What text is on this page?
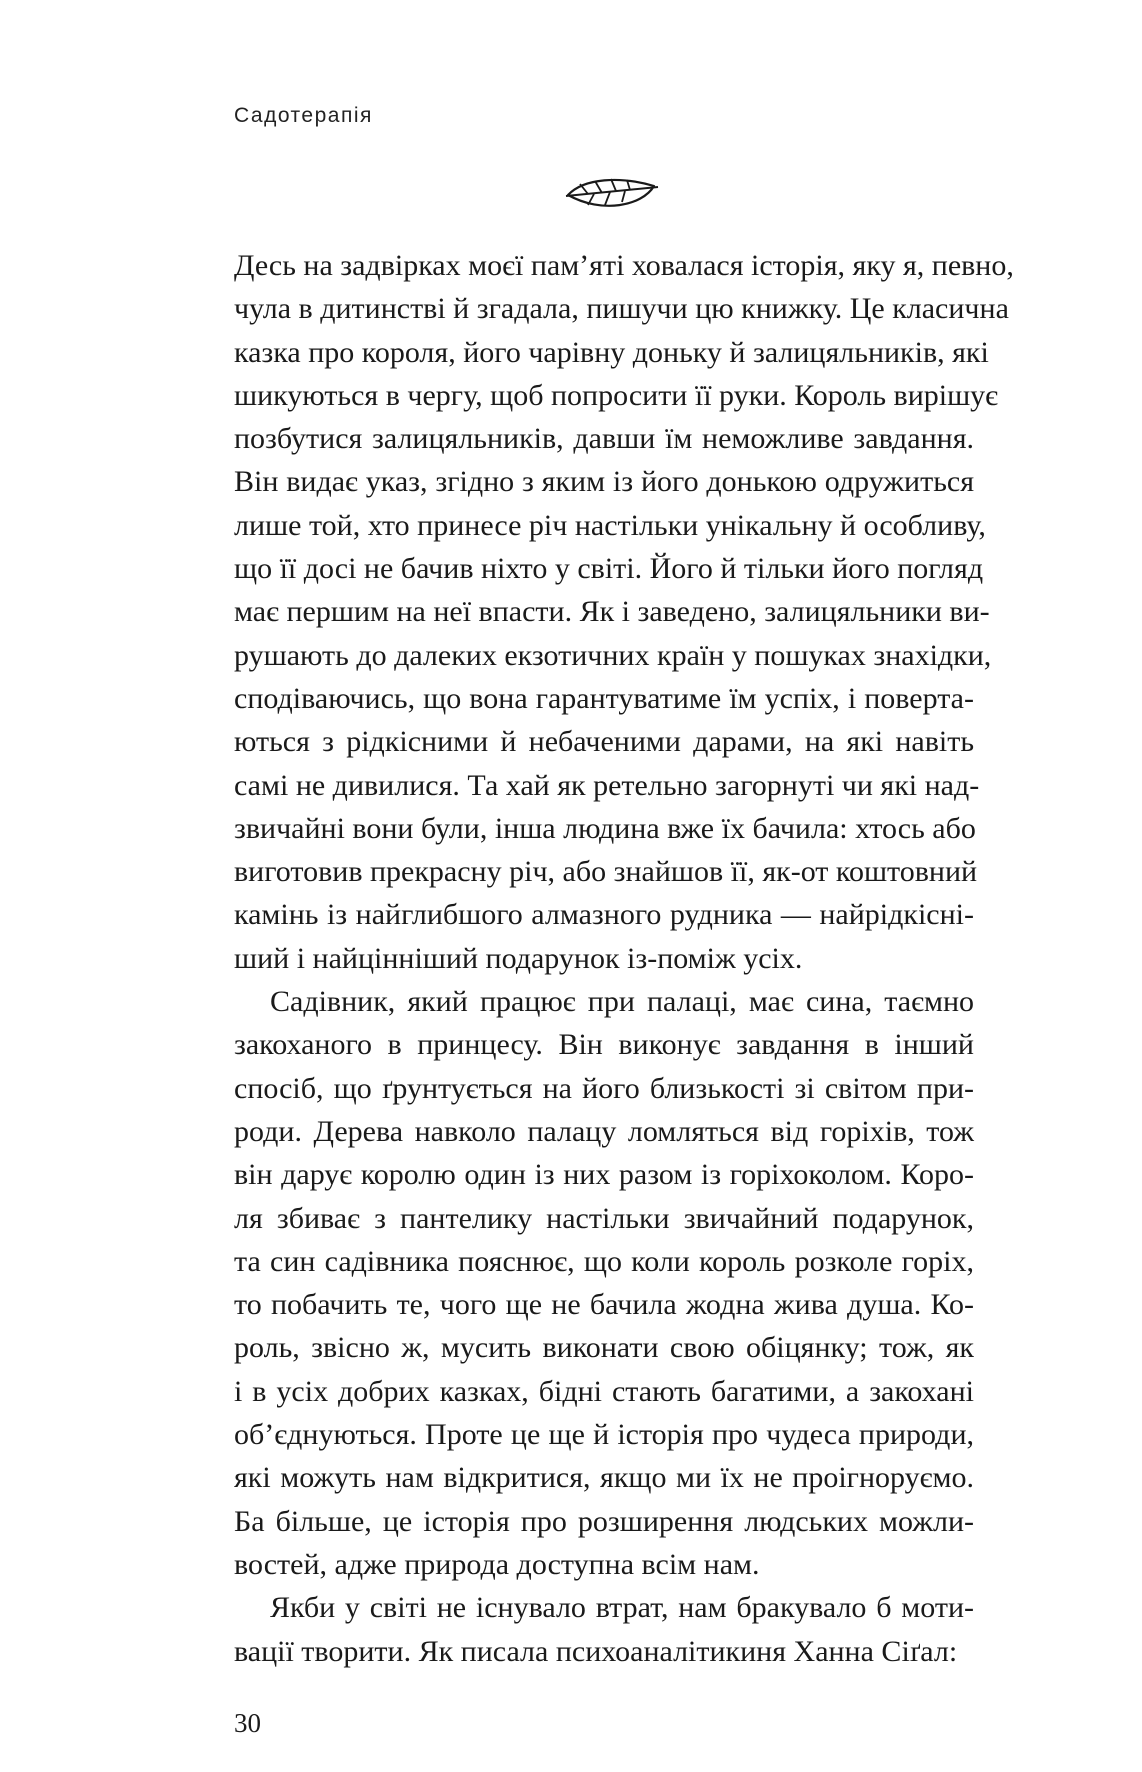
Садотерапія
Десь на задвірках моєї пам’яті ховалася історія, яку я, певно,
чула в дитинстві й згадала, пишучи цю книжку. Це класична
казка про короля, його чарівну доньку й залицяльників, які
шикуються в чергу, щоб попросити її руки. Король вирішує
позбутися залицяльників, давши їм неможливе завдання.
Він видає указ, згідно з яким із його донькою одружиться
лише той, хто принесе річ настільки унікальну й особливу,
що її досі не бачив ніхто у світі. Його й тільки його погляд
має першим на неї впасти. Як і заведено, залицяльники ви-
рушають до далеких екзотичних країн у пошуках знахідки,
сподіваючись, що вона гарантуватиме їм успіх, і поверта-
ються з рідкісними й небаченими дарами, на які навіть
самі не дивилися. Та хай як ретельно загорнуті чи які над-
звичайні вони були, інша людина вже їх бачила: хтось або
виготовив прекрасну річ, або знайшов її, як-от коштовний
камінь із найглибшого алмазного рудника — найрідкісні-
ший і найцінніший подарунок із-поміж усіх.
Садівник, який працює при палаці, має сина, таємно
закоханого в принцесу. Він виконує завдання в інший
спосіб, що ґрунтується на його близькості зі світом при-
роди. Дерева навколо палацу ломляться від горіхів, тож
він дарує королю один із них разом із горіхоколом. Коро-
ля збиває з пантелику настільки звичайний подарунок,
та син садівника пояснює, що коли король розколе горіх,
то побачить те, чого ще не бачила жодна жива душа. Ко-
роль, звісно ж, мусить виконати свою обіцянку; тож, як
і в усіх добрих казках, бідні стають багатими, а закохані
об’єднуються. Проте це ще й історія про чудеса природи,
які можуть нам відкритися, якщо ми їх не проігноруємо.
Ба більше, це історія про розширення людських можли-
востей, адже природа доступна всім нам.
Якби у світі не існувало втрат, нам бракувало б моти-
вації творити. Як писала психоаналітикиня Ханна Сіґал:
30
